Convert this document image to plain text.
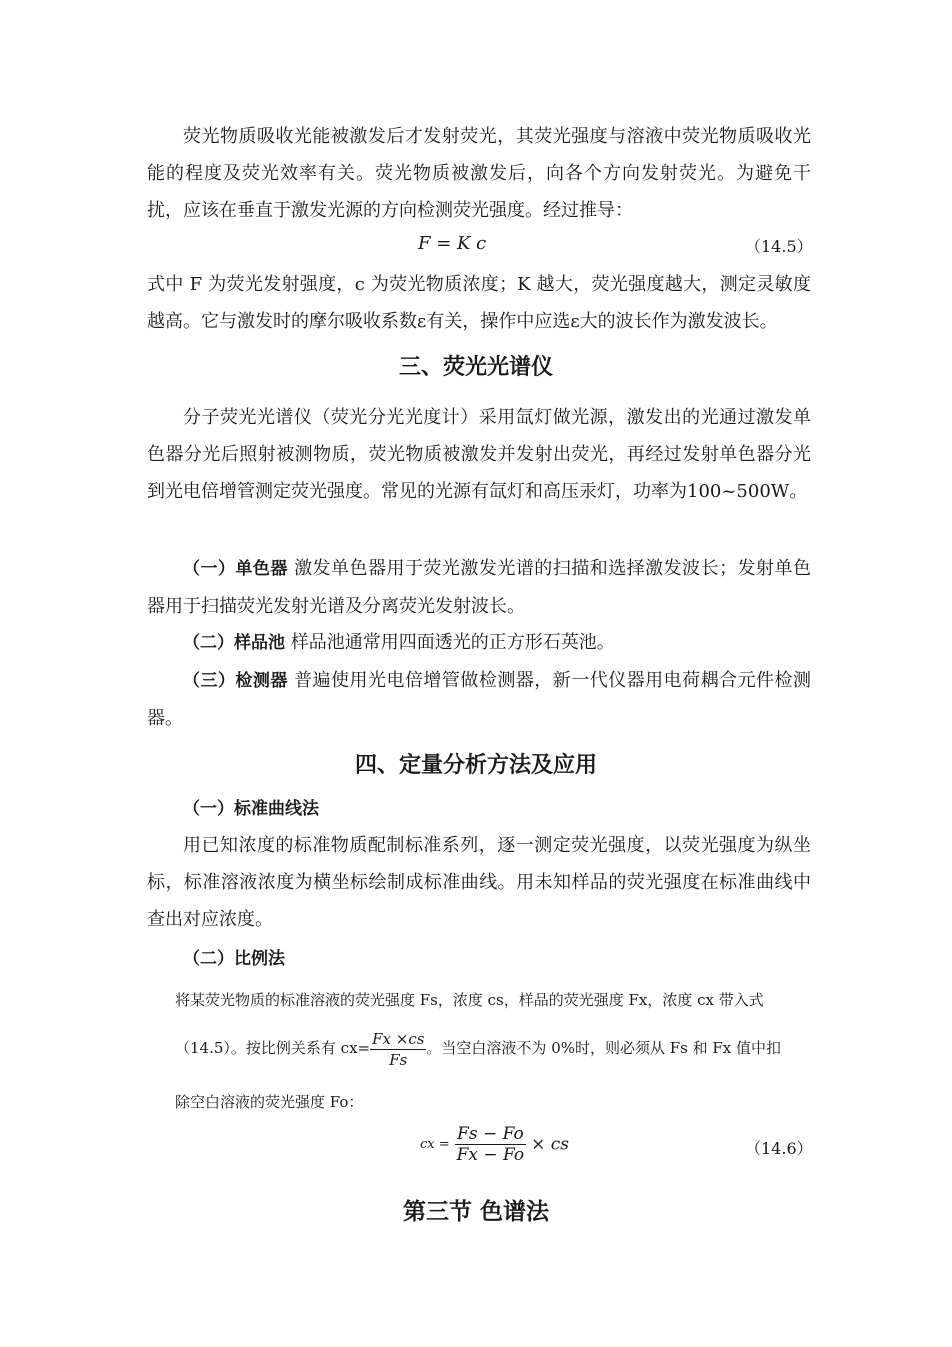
荧光物质吸收光能被激发后才发射荧光，其荧光强度与溶液中荧光物质吸收光能的程度及荧光效率有关。荧光物质被激发后，向各个方向发射荧光。为避免干扰，应该在垂直于激发光源的方向检测荧光强度。经过推导：

F = K c	（14.5）

式中 F 为荧光发射强度，c 为荧光物质浓度；K 越大，荧光强度越大，测定灵敏度越高。它与激发时的摩尔吸收系数ε有关，操作中应选ε大的波长作为激发波长。

三、荧光光谱仪

分子荧光光谱仪（荧光分光光度计）采用氙灯做光源，激发出的光通过激发单色器分光后照射被测物质，荧光物质被激发并发射出荧光，再经过发射单色器分光到光电倍增管测定荧光强度。常见的光源有氙灯和高压汞灯，功率为100~500W。

（一）单色器 激发单色器用于荧光激发光谱的扫描和选择激发波长；发射单色器用于扫描荧光发射光谱及分离荧光发射波长。

（二）样品池 样品池通常用四面透光的正方形石英池。

（三）检测器 普遍使用光电倍增管做检测器，新一代仪器用电荷耦合元件检测器。

四、定量分析方法及应用

（一）标准曲线法

用已知浓度的标准物质配制标准系列，逐一测定荧光强度，以荧光强度为纵坐标，标准溶液浓度为横坐标绘制成标准曲线。用未知样品的荧光强度在标准曲线中查出对应浓度。

（二）比例法

将某荧光物质的标准溶液的荧光强度 Fs，浓度 cs，样品的荧光强度 Fx，浓度 cx 带入式

（14.5）。按比例关系有 $cx= \frac{Fx \times cs}{Fs}$ 。当空白溶液不为 0%时，则必须从 Fs 和 Fx 值中扣

除空白溶液的荧光强度 Fo：

cx = $\frac{Fs - Fo}{Fx - Fo}$ × cs	（14.6）
第三节 色谱法
